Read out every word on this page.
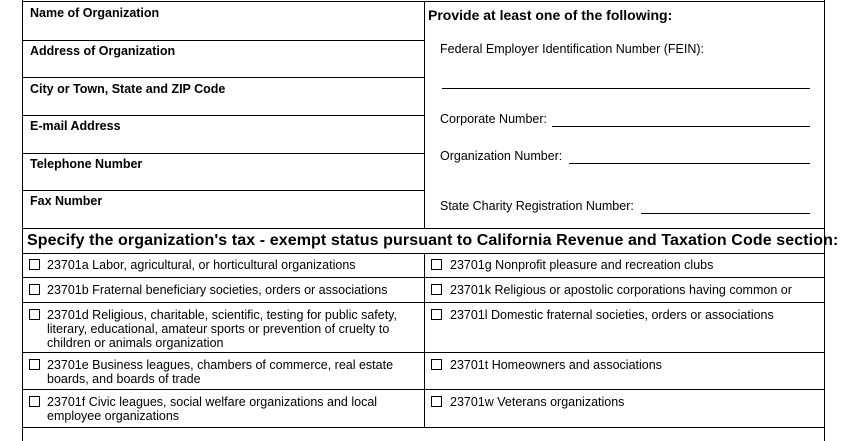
Name of Organization
Address of Organization
City or Town, State and ZIP Code
E-mail Address
Telephone Number
Fax Number
Provide at least one of the following:
Federal Employer Identification Number (FEIN):
Corporate Number:
Organization Number:
State Charity Registration Number:
Specify the organization's tax - exempt status pursuant to California Revenue and Taxation Code section:
23701a Labor, agricultural, or horticultural organizations
23701b Fraternal beneficiary societies, orders or associations
23701d Religious, charitable, scientific, testing for public safety, literary, educational, amateur sports or prevention of cruelty to children or animals organization
23701e Business leagues, chambers of commerce, real estate boards, and boards of trade
23701f Civic leagues, social welfare organizations and local employee organizations
23701g Nonprofit pleasure and recreation clubs
23701k Religious or apostolic corporations having common or
23701l Domestic fraternal societies, orders or associations
23701t Homeowners and associations
23701w Veterans organizations
